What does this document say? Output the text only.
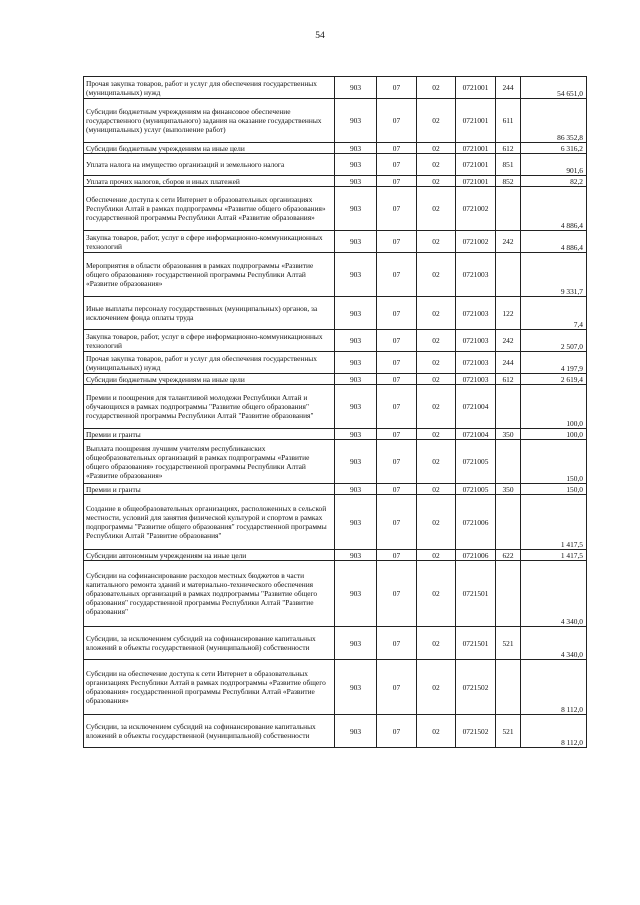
54
Прочая закупка товаров, работ и услуг для обеспечения государственных (муниципальных) нужд	903	07	02	0721001	244	54 651,0
Субсидии бюджетным учреждениям на финансовое обеспечение государственного (муниципального) задания на оказание государственных (муниципальных) услуг (выполнение работ)	903	07	02	0721001	611	86 352,8
Субсидии бюджетным учреждениям на иные цели	903	07	02	0721001	612	6 316,2
Уплата налога на имущество организаций и земельного налога	903	07	02	0721001	851	901,6
Уплата прочих налогов, сборов и иных платежей	903	07	02	0721001	852	82,2
Обеспечение доступа к сети Интернет в образовательных организациях Республики Алтай в рамках подпрограммы «Развитие общего образования» государственной программы Республики Алтай «Развитие образования»	903	07	02	0721002		4 886,4
Закупка товаров, работ, услуг в сфере информационно-коммуникационных технологий	903	07	02	0721002	242	4 886,4
Мероприятия в области образования в рамках подпрограммы «Развитие общего образования» государственной программы Республики Алтай «Развитие образования»	903	07	02	0721003		9 331,7
Иные выплаты персоналу государственных (муниципальных) органов, за исключением фонда оплаты труда	903	07	02	0721003	122	7,4
Закупка товаров, работ, услуг в сфере информационно-коммуникационных технологий	903	07	02	0721003	242	2 507,0
Прочая закупка товаров, работ и услуг для обеспечения государственных (муниципальных) нужд	903	07	02	0721003	244	4 197,9
Субсидии бюджетным учреждениям на иные цели	903	07	02	0721003	612	2 619,4
Премии и поощрения для талантливой молодежи Республики Алтай и обучающихся в рамках подпрограммы "Развитие общего образования" государственной программы Республики Алтай "Развитие образования"	903	07	02	0721004		100,0
Премии и гранты	903	07	02	0721004	350	100,0
Выплата поощрения лучшим учителям республиканских общеобразовательных организаций в рамках подпрограммы «Развитие общего образования» государственной программы Республики Алтай «Развитие образования»	903	07	02	0721005		150,0
Премии и гранты	903	07	02	0721005	350	150,0
Создание в общеобразовательных организациях, расположенных в сельской местности, условий для занятия физической культурой и спортом в рамках подпрограммы "Развитие общего образования" государственной программы Республики Алтай "Развитие образования"	903	07	02	0721006		1 417,5
Субсидии автономным учреждениям на иные цели	903	07	02	0721006	622	1 417,5
Субсидии на софинансирование расходов местных бюджетов в части капитального ремонта зданий и материально-технического обеспечения образовательных организаций в рамках подпрограммы "Развитие общего образования" государственной программы Республики Алтай "Развитие образования"	903	07	02	0721501		4 340,0
Субсидии, за исключением субсидий на софинансирование капитальных вложений в объекты государственной (муниципальной) собственности	903	07	02	0721501	521	4 340,0
Субсидии на обеспечение доступа к сети Интернет в образовательных организациях Республики Алтай в рамках подпрограммы «Развитие общего образования» государственной программы Республики Алтай «Развитие образования»	903	07	02	0721502		8 112,0
Субсидии, за исключением субсидий на софинансирование капитальных вложений в объекты государственной (муниципальной) собственности	903	07	02	0721502	521	8 112,0
